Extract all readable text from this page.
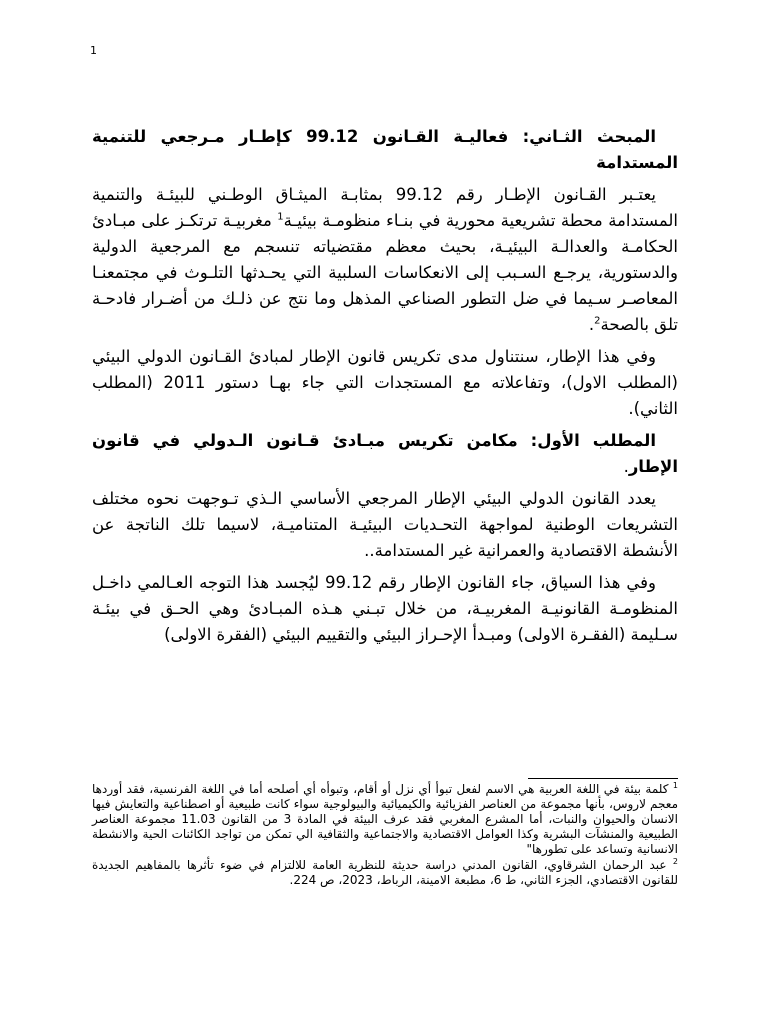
1
المبحث الثـاني: فعاليـة القـانون 99.12 كإطـار مـرجعي للتنمية المستدامة

يعتـبر القـانون الإطـار رقم 99.12 بمثابـة الميثـاق الوطـني للبيئـة والتنمية المستدامة محطة تشريعية محورية في بنـاء منظومـة بيئيـة$^1$ مغربيـة ترتكـز على مبـادئ الحكامـة والعدالـة البيئيـة، بحيث معظم مقتضياته تنسجم مع المرجعية الدولية والدستورية، يرجـع السـبب إلى الانعكاسات السلبية التي يحـدثها التلـوث في مجتمعنـا المعاصـر سـيما في ضل التطور الصناعي المذهل وما نتج عن ذلـك من أضـرار فادحـة تلق بالصحة$^2$.

وفي هذا الإطار، سنتناول مدى تكريس قانون الإطار لمبادئ القـانون الدولي البيئي (المطلب الاول)، وتفاعلاته مع المستجدات التي جاء بهـا دستور 2011 (المطلب الثاني).

المطلب الأول: مكامن تكريس مبـادئ قـانون الـدولي في قانون الإطار.

يعدد القانون الدولي البيئي الإطار المرجعي الأساسي الـذي تـوجهت نحوه مختلف التشريعات الوطنية لمواجهة التحـديات البيئيـة المتناميـة، لاسيما تلك الناتجة عن الأنشطة الاقتصادية والعمرانية غير المستدامة..

وفي هذا السياق، جاء القانون الإطار رقم 99.12 ليُجسد هذا التوجه العـالمي داخـل المنظومـة القانونيـة المغربيـة، من خلال تبـني هـذه المبـادئ وهي الحـق في بيئـة سـليمة (الفقـرة الاولى) ومبـدأ الإحـراز البيئي والتقييم البيئي (الفقرة الاولى)

$^1$ كلمة بيئة في اللغة العربية هي الاسم لفعل تبوأ أي نزل أو أقام، وتبوأه أي أصلحه أما في اللغة الفرنسية، فقد أوردها معجم لاروس، بأنها مجموعة من العناصر الفزيائية والكيميائية والبيولوجية سواء كانت طبيعية أو اصطناعية والتعايش فيها الانسان والحيوان والنبات، أما المشرع المغربي فقد عرف البيئة في المادة 3 من القانون 11.03 مجموعة العناصر الطبيعية والمنشآت البشرية وكذا العوامل الاقتصادية والاجتماعية والثقافية الي تمكن من تواجد الكائنات الحية والانشطة الانسانية وتساعد على تطورها"

$^2$ عبد الرحمان الشرقاوي، القانون المدني دراسة حديثة للنظرية العامة للالتزام في ضوء تأثرها بالمفاهيم الجديدة للقانون الاقتصادي، الجزء الثاني، ط 6، مطبعة الامينة، الرباط، 2023، ص 224.
